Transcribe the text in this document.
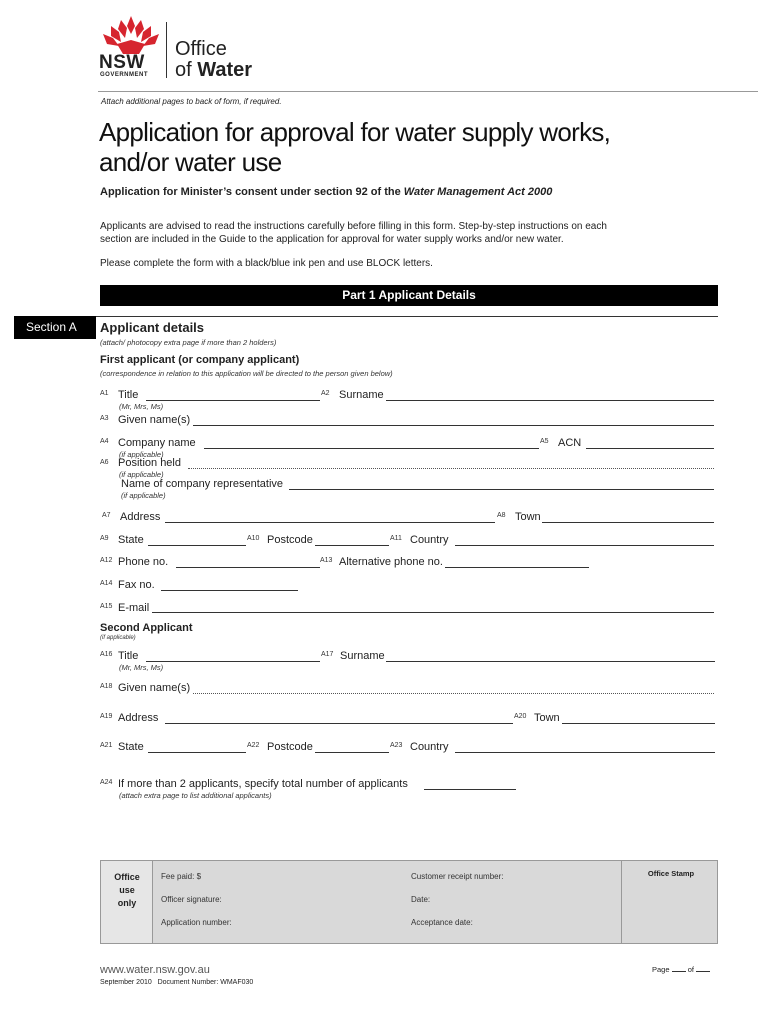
NSW
GOVERNMENT
Office
of Water
Attach additional pages to back of form, if required.
Application for approval for water supply works,
and/or water use
Application for Minister’s consent under section 92 of the Water Management Act 2000
Applicants are advised to read the instructions carefully before filling in this form. Step-by-step instructions on each
section are included in the Guide to the application for approval for water supply works and/or new water.
Please complete the form with a black/blue ink pen and use BLOCK letters.
Part 1 Applicant Details
Section A	Applicant details
(attach/ photocopy extra page if more than 2 holders)
First applicant (or company applicant)
(correspondence in relation to this application will be directed to the person given below)
A1 Title
(Mr, Mrs, Ms)
A2 Surname
A3 Given name(s)
A4 Company name
(if applicable)
A5 ACN
A6 Position held
(if applicable)
Name of company representative
(if applicable)
A7 Address	A8 Town
A9 State	A10 Postcode	A11 Country
A12 Phone no.	A13 Alternative phone no.
A14 Fax no.
A15 E-mail
Second Applicant
(if applicable)
A16 Title
(Mr, Mrs, Ms)
A17 Surname
A18 Given name(s)
A19 Address	A20 Town
A21 State	A22 Postcode	A23 Country
A24 If more than 2 applicants, specify total number of applicants
(attach extra page to list additional applicants)
Office
use
only
Fee paid: $	Customer receipt number:
Officer signature:	Date:
Application number:	Acceptance date:
Office Stamp
www.water.nsw.gov.au
September 2010   Document Number: WMAF030
Page of
